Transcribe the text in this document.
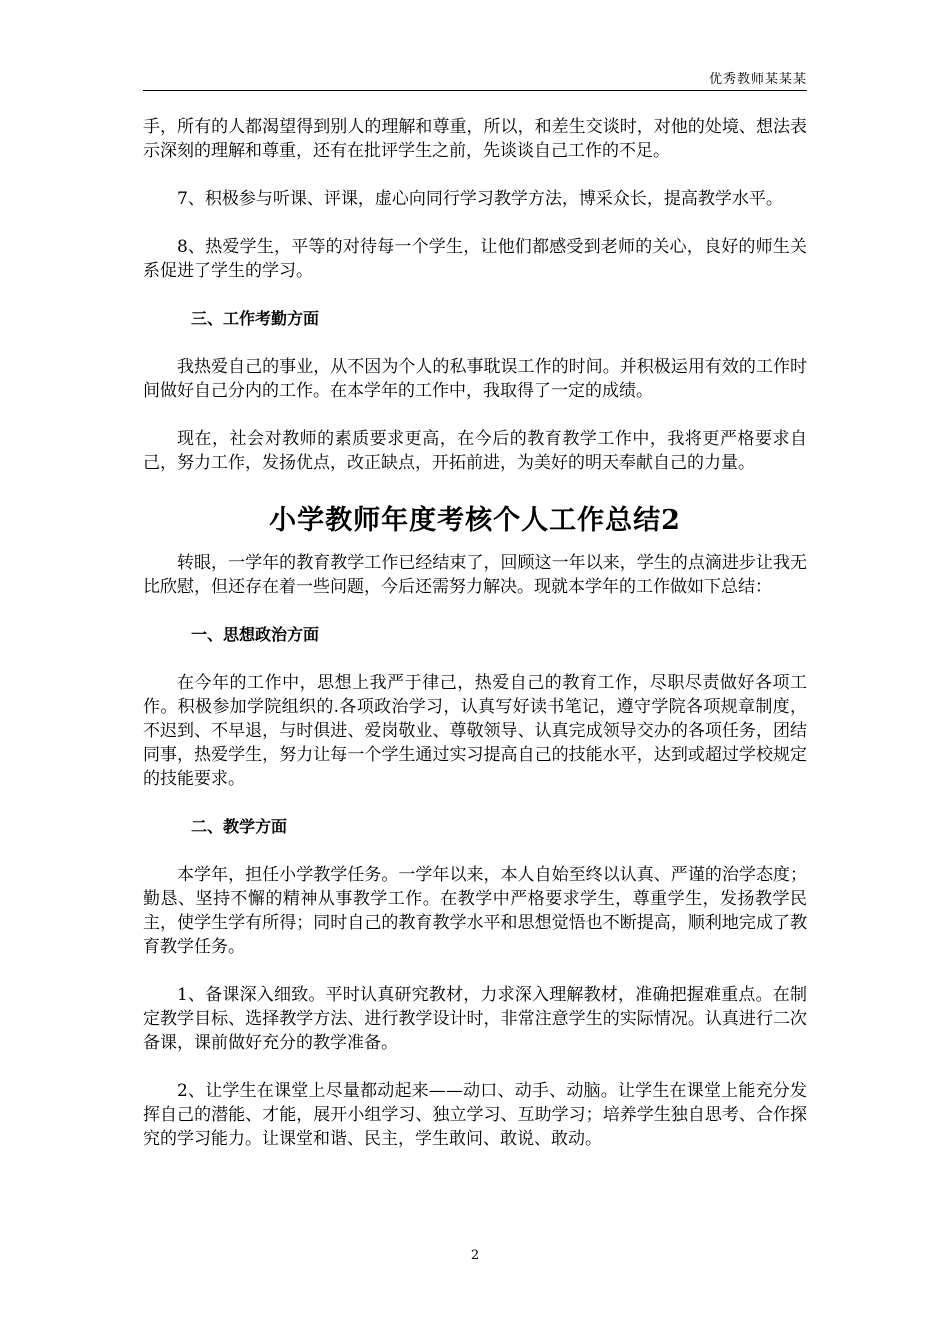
优秀教师某某某

手，所有的人都渴望得到别人的理解和尊重，所以，和差生交谈时，对他的处境、想法表示深刻的理解和尊重，还有在批评学生之前，先谈谈自己工作的不足。

7、积极参与听课、评课，虚心向同行学习教学方法，博采众长，提高教学水平。

8、热爱学生，平等的对待每一个学生，让他们都感受到老师的关心，良好的师生关系促进了学生的学习。

三、工作考勤方面

我热爱自己的事业，从不因为个人的私事耽误工作的时间。并积极运用有效的工作时间做好自己分内的工作。在本学年的工作中，我取得了一定的成绩。

现在，社会对教师的素质要求更高，在今后的教育教学工作中，我将更严格要求自己，努力工作，发扬优点，改正缺点，开拓前进，为美好的明天奉献自己的力量。

小学教师年度考核个人工作总结2

转眼，一学年的教育教学工作已经结束了，回顾这一年以来，学生的点滴进步让我无比欣慰，但还存在着一些问题，今后还需努力解决。现就本学年的工作做如下总结：

一、思想政治方面

在今年的工作中，思想上我严于律己，热爱自己的教育工作，尽职尽责做好各项工作。积极参加学院组织的.各项政治学习，认真写好读书笔记，遵守学院各项规章制度，不迟到、不早退，与时俱进、爱岗敬业、尊敬领导、认真完成领导交办的各项任务，团结同事，热爱学生，努力让每一个学生通过实习提高自己的技能水平，达到或超过学校规定的技能要求。

二、教学方面

本学年，担任小学教学任务。一学年以来，本人自始至终以认真、严谨的治学态度；勤恳、坚持不懈的精神从事教学工作。在教学中严格要求学生，尊重学生，发扬教学民主，使学生学有所得；同时自己的教育教学水平和思想觉悟也不断提高，顺利地完成了教育教学任务。

1、备课深入细致。平时认真研究教材，力求深入理解教材，准确把握难重点。在制定教学目标、选择教学方法、进行教学设计时，非常注意学生的实际情况。认真进行二次备课，课前做好充分的教学准备。

2、让学生在课堂上尽量都动起来——动口、动手、动脑。让学生在课堂上能充分发挥自己的潜能、才能，展开小组学习、独立学习、互助学习；培养学生独自思考、合作探究的学习能力。让课堂和谐、民主，学生敢问、敢说、敢动。

2
